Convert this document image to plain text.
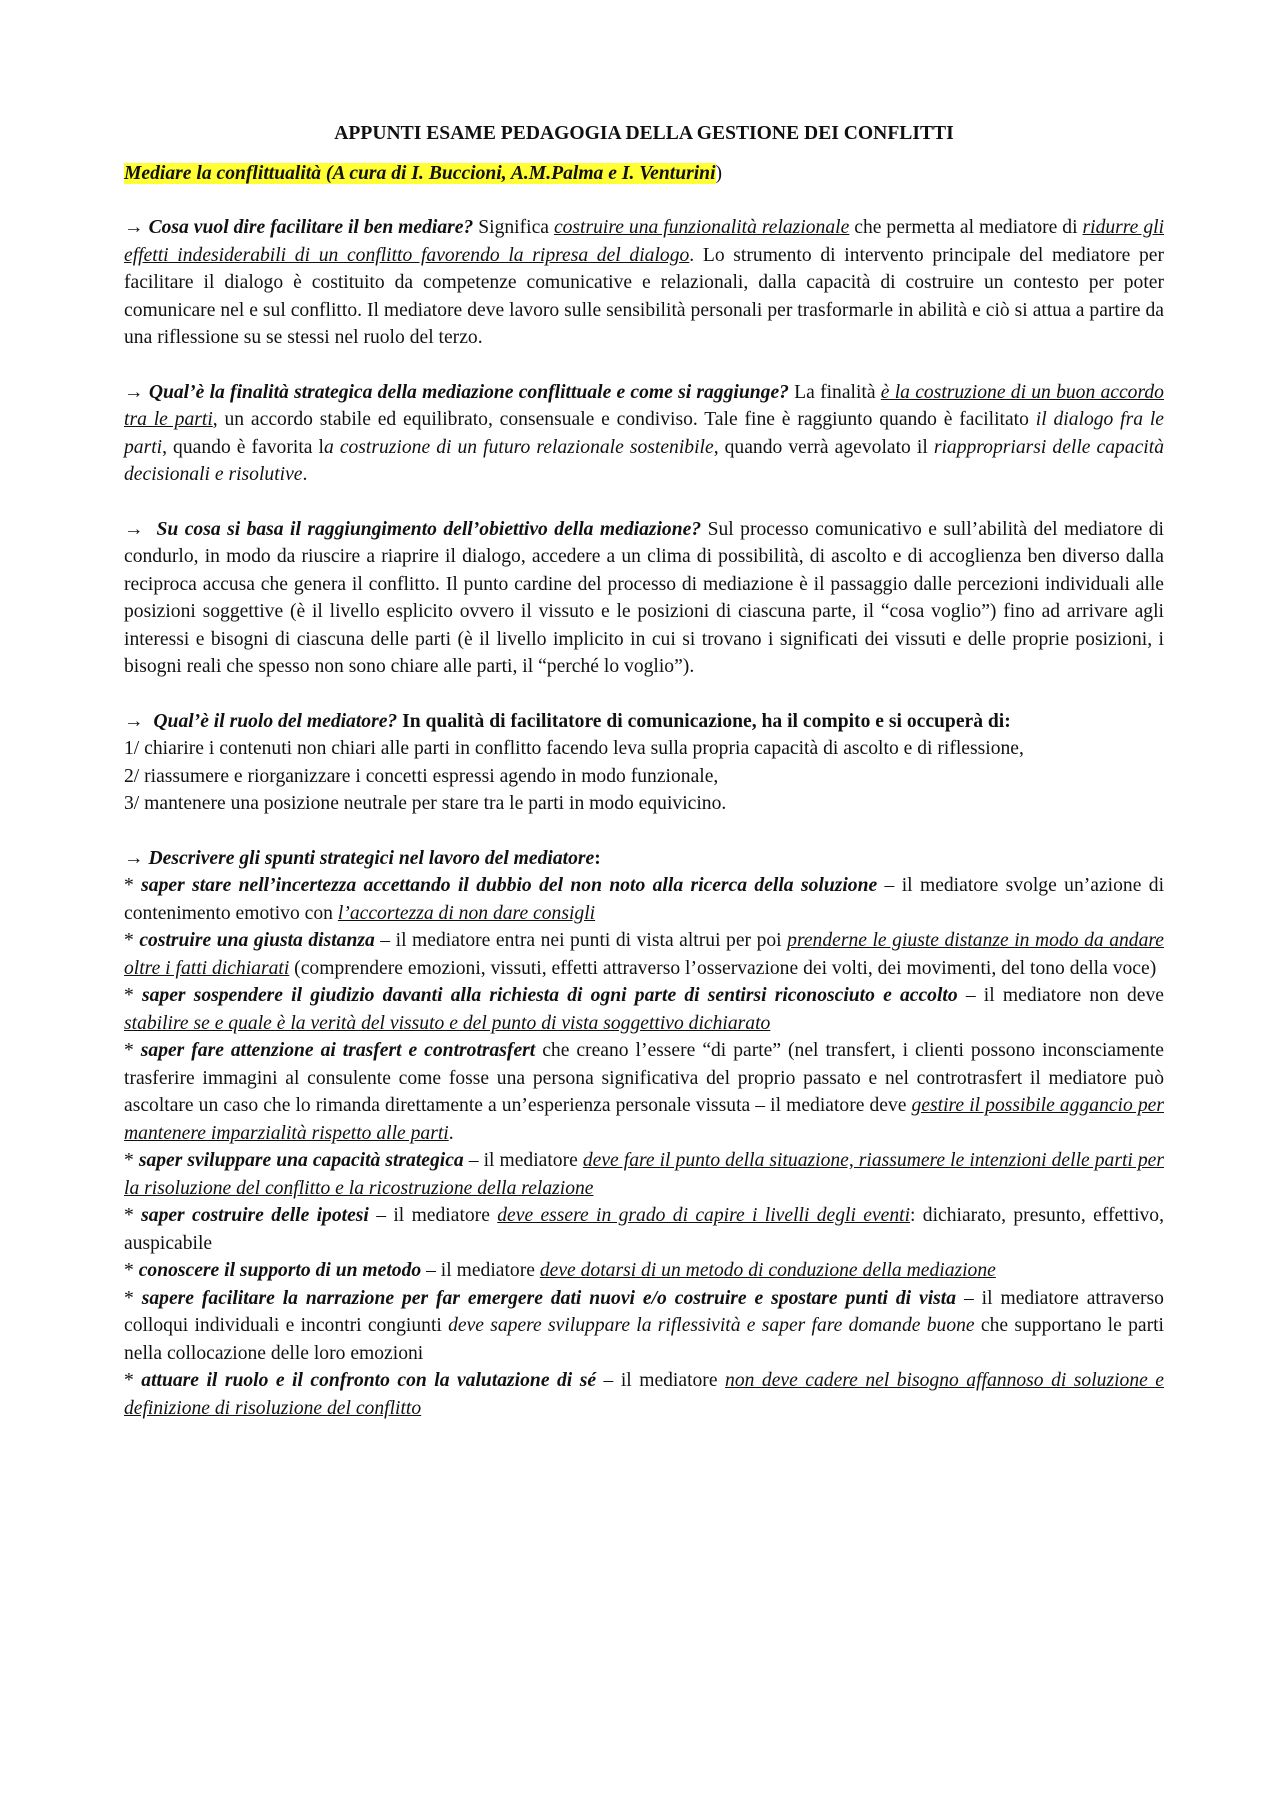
APPUNTI ESAME PEDAGOGIA DELLA GESTIONE DEI CONFLITTI
Mediare la conflittualità (A cura di I. Buccioni, A.M.Palma e I. Venturini)

→ Cosa vuol dire facilitare il ben mediare? Significa costruire una funzionalità relazionale che permetta al mediatore di ridurre gli effetti indesiderabili di un conflitto favorendo la ripresa del dialogo. Lo strumento di intervento principale del mediatore per facilitare il dialogo è costituito da competenze comunicative e relazionali, dalla capacità di costruire un contesto per poter comunicare nel e sul conflitto. Il mediatore deve lavoro sulle sensibilità personali per trasformarle in abilità e ciò si attua a partire da una riflessione su se stessi nel ruolo del terzo.

→ Qual’è la finalità strategica della mediazione conflittuale e come si raggiunge? La finalità è la costruzione di un buon accordo tra le parti, un accordo stabile ed equilibrato, consensuale e condiviso. Tale fine è raggiunto quando è facilitato il dialogo fra le parti, quando è favorita la costruzione di un futuro relazionale sostenibile, quando verrà agevolato il riappropriarsi delle capacità decisionali e risolutive.

→ Su cosa si basa il raggiungimento dell’obiettivo della mediazione? Sul processo comunicativo e sull’abilità del mediatore di condurlo, in modo da riuscire a riaprire il dialogo, accedere a un clima di possibilità, di ascolto e di accoglienza ben diverso dalla reciproca accusa che genera il conflitto. Il punto cardine del processo di mediazione è il passaggio dalle percezioni individuali alle posizioni soggettive (è il livello esplicito ovvero il vissuto e le posizioni di ciascuna parte, il “cosa voglio”) fino ad arrivare agli interessi e bisogni di ciascuna delle parti (è il livello implicito in cui si trovano i significati dei vissuti e delle proprie posizioni, i bisogni reali che spesso non sono chiare alle parti, il “perché lo voglio”).

→ Qual’è il ruolo del mediatore? In qualità di facilitatore di comunicazione, ha il compito e si occuperà di:

1/ chiarire i contenuti non chiari alle parti in conflitto facendo leva sulla propria capacità di ascolto e di riflessione,

2/ riassumere e riorganizzare i concetti espressi agendo in modo funzionale,

3/ mantenere una posizione neutrale per stare tra le parti in modo equivicino.

→ Descrivere gli spunti strategici nel lavoro del mediatore:

* saper stare nell’incertezza accettando il dubbio del non noto alla ricerca della soluzione – il mediatore svolge un’azione di contenimento emotivo con l’accortezza di non dare consigli

* costruire una giusta distanza – il mediatore entra nei punti di vista altrui per poi prenderne le giuste distanze in modo da andare oltre i fatti dichiarati (comprendere emozioni, vissuti, effetti attraverso l’osservazione dei volti, dei movimenti, del tono della voce)

* saper sospendere il giudizio davanti alla richiesta di ogni parte di sentirsi riconosciuto e accolto – il mediatore non deve stabilire se e quale è la verità del vissuto e del punto di vista soggettivo dichiarato

* saper fare attenzione ai trasfert e controtrasfert che creano l’essere “di parte” (nel transfert, i clienti possono inconsciamente trasferire immagini al consulente come fosse una persona significativa del proprio passato e nel controtrasfert il mediatore può ascoltare un caso che lo rimanda direttamente a un’esperienza personale vissuta – il mediatore deve gestire il possibile aggancio per mantenere imparzialità rispetto alle parti.

* saper sviluppare una capacità strategica – il mediatore deve fare il punto della situazione, riassumere le intenzioni delle parti per la risoluzione del conflitto e la ricostruzione della relazione

* saper costruire delle ipotesi – il mediatore deve essere in grado di capire i livelli degli eventi: dichiarato, presunto, effettivo, auspicabile

* conoscere il supporto di un metodo – il mediatore deve dotarsi di un metodo di conduzione della mediazione

* sapere facilitare la narrazione per far emergere dati nuovi e/o costruire e spostare punti di vista – il mediatore attraverso colloqui individuali e incontri congiunti deve sapere sviluppare la riflessività e saper fare domande buone che supportano le parti nella collocazione delle loro emozioni

* attuare il ruolo e il confronto con la valutazione di sé – il mediatore non deve cadere nel bisogno affannoso di soluzione e definizione di risoluzione del conflitto
